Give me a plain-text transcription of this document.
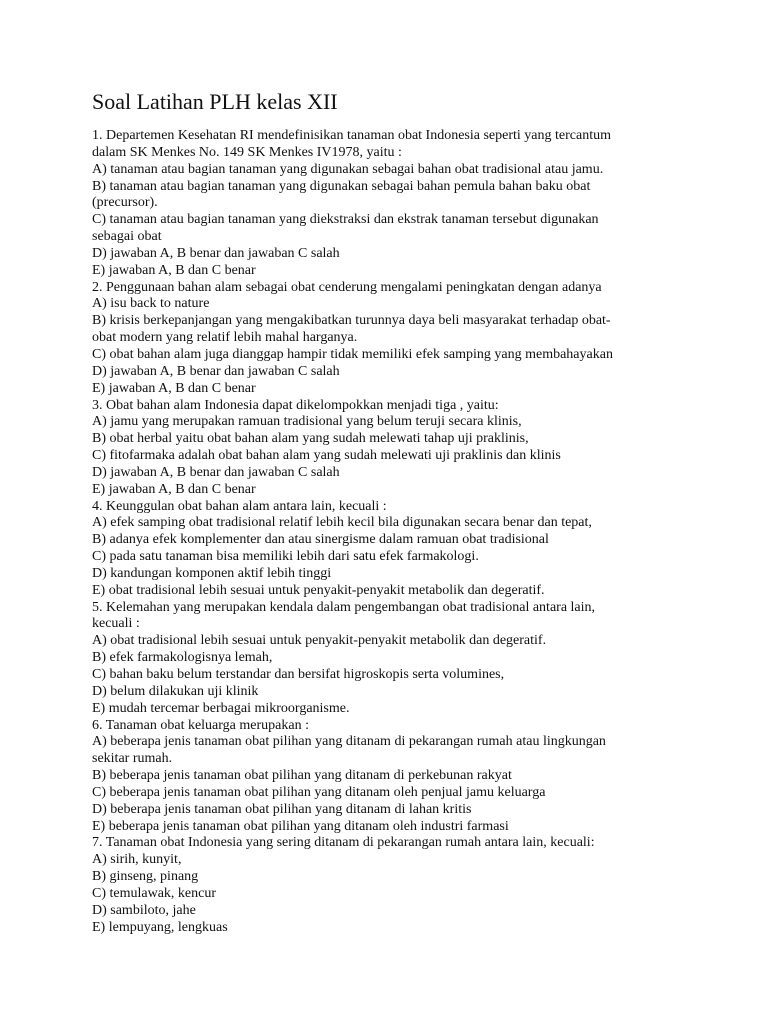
Soal Latihan PLH kelas XII
1. Departemen Kesehatan RI mendefinisikan tanaman obat Indonesia seperti yang tercantum
dalam SK Menkes No. 149 SK Menkes IV1978, yaitu :
A) tanaman atau bagian tanaman yang digunakan sebagai bahan obat tradisional atau jamu.
B) tanaman atau bagian tanaman yang digunakan sebagai bahan pemula bahan baku obat
(precursor).
C) tanaman atau bagian tanaman yang diekstraksi dan ekstrak tanaman tersebut digunakan
sebagai obat
D) jawaban A, B benar dan jawaban C salah
E) jawaban A, B dan C benar
2. Penggunaan bahan alam sebagai obat cenderung mengalami peningkatan dengan adanya
A) isu back to nature
B) krisis berkepanjangan yang mengakibatkan turunnya daya beli masyarakat terhadap obat-
obat modern yang relatif lebih mahal harganya.
C) obat bahan alam juga dianggap hampir tidak memiliki efek samping yang membahayakan
D) jawaban A, B benar dan jawaban C salah
E) jawaban A, B dan C benar
3. Obat bahan alam Indonesia dapat dikelompokkan menjadi tiga , yaitu:
A) jamu yang merupakan ramuan tradisional yang belum teruji secara klinis,
B) obat herbal yaitu obat bahan alam yang sudah melewati tahap uji praklinis,
C) fitofarmaka adalah obat bahan alam yang sudah melewati uji praklinis dan klinis
D) jawaban A, B benar dan jawaban C salah
E) jawaban A, B dan C benar
4. Keunggulan obat bahan alam antara lain, kecuali :
A) efek samping obat tradisional relatif lebih kecil bila digunakan secara benar dan tepat,
B) adanya efek komplementer dan atau sinergisme dalam ramuan obat tradisional
C) pada satu tanaman bisa memiliki lebih dari satu efek farmakologi.
D) kandungan komponen aktif lebih tinggi
E) obat tradisional lebih sesuai untuk penyakit-penyakit metabolik dan degeratif.
5. Kelemahan yang merupakan kendala dalam pengembangan obat tradisional antara lain,
kecuali :
A) obat tradisional lebih sesuai untuk penyakit-penyakit metabolik dan degeratif.
B) efek farmakologisnya lemah,
C) bahan baku belum terstandar dan bersifat higroskopis serta volumines,
D) belum dilakukan uji klinik
E) mudah tercemar berbagai mikroorganisme.
6. Tanaman obat keluarga merupakan :
A) beberapa jenis tanaman obat pilihan yang ditanam di pekarangan rumah atau lingkungan
sekitar rumah.
B) beberapa jenis tanaman obat pilihan yang ditanam di perkebunan rakyat
C) beberapa jenis tanaman obat pilihan yang ditanam oleh penjual jamu keluarga
D) beberapa jenis tanaman obat pilihan yang ditanam di lahan kritis
E) beberapa jenis tanaman obat pilihan yang ditanam oleh industri farmasi
7. Tanaman obat Indonesia yang sering ditanam di pekarangan rumah antara lain, kecuali:
A) sirih, kunyit,
B) ginseng, pinang
C) temulawak, kencur
D) sambiloto, jahe
E) lempuyang, lengkuas
